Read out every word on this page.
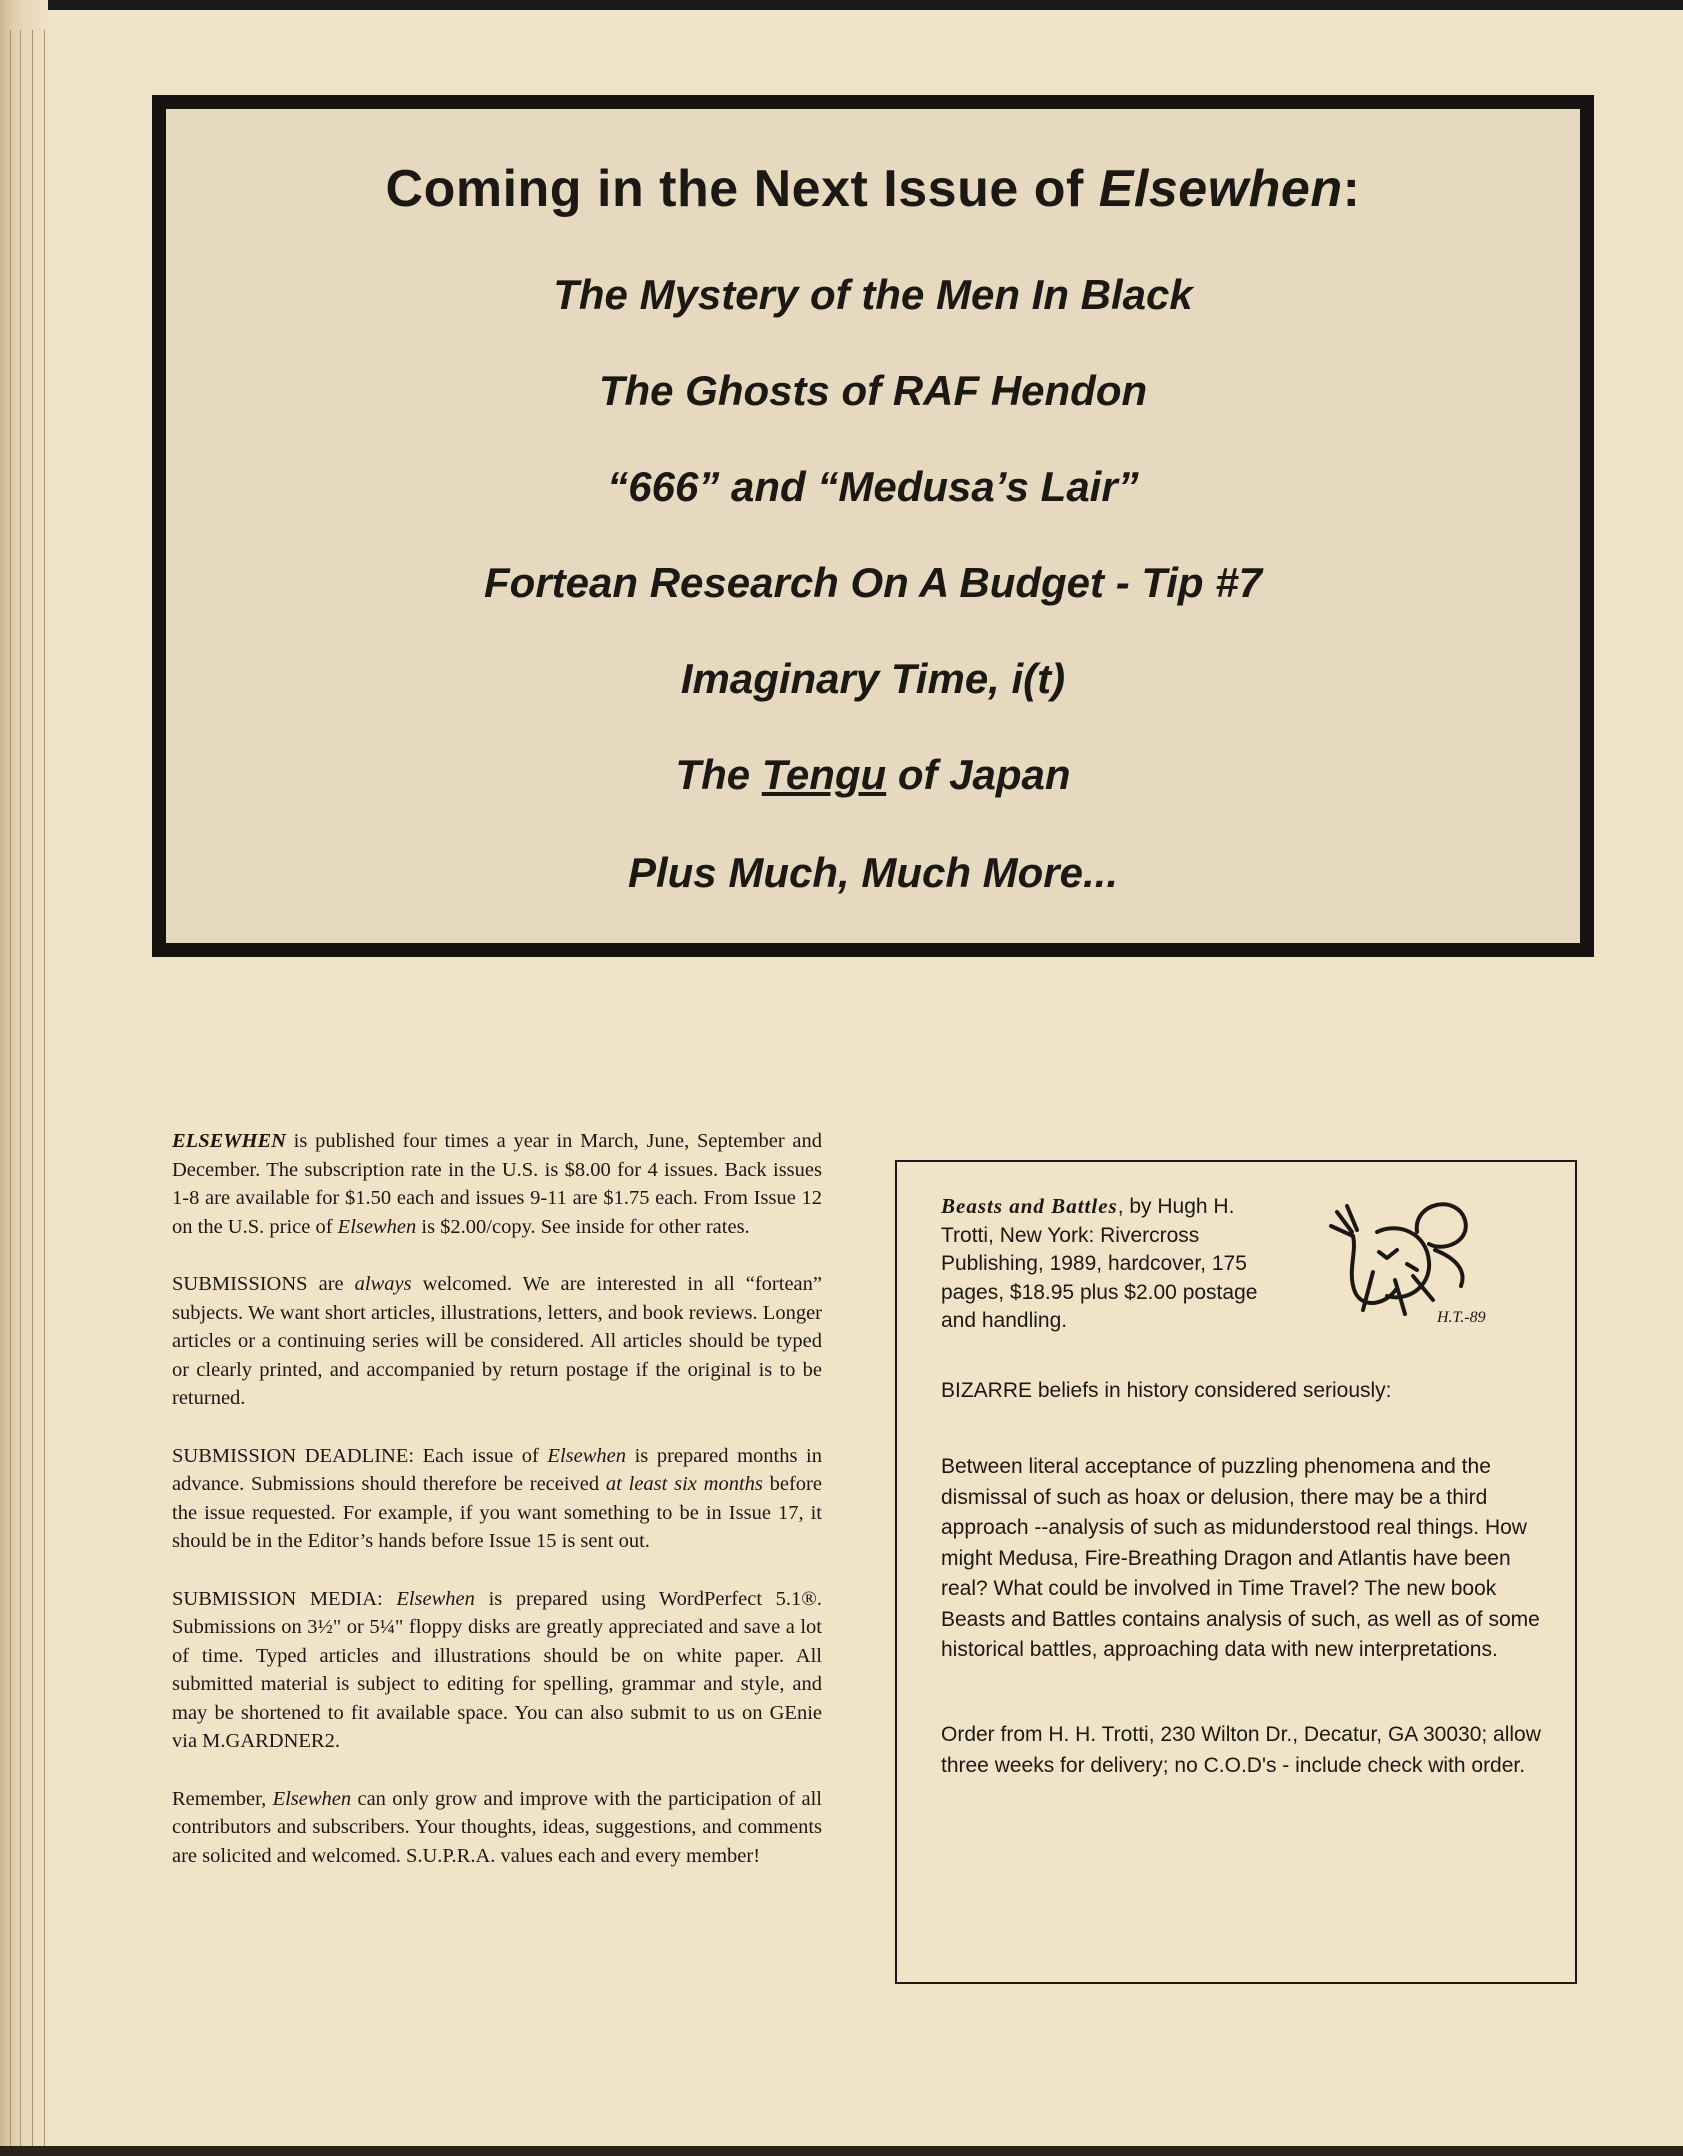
Coming in the Next Issue of Elsewhen:
The Mystery of the Men In Black
The Ghosts of RAF Hendon
“666” and “Medusa’s Lair”
Fortean Research On A Budget - Tip #7
Imaginary Time, i(t)
The Tengu of Japan
Plus Much, Much More...

ELSEWHEN is published four times a year in March, June, September and December. The subscription rate in the U.S. is $8.00 for 4 issues. Back issues 1-8 are available for $1.50 each and issues 9-11 are $1.75 each. From Issue 12 on the U.S. price of Elsewhen is $2.00/copy. See inside for other rates.

SUBMISSIONS are always welcomed. We are interested in all “fortean” subjects. We want short articles, illustrations, letters, and book reviews. Longer articles or a continuing series will be considered. All articles should be typed or clearly printed, and accompanied by return postage if the original is to be returned.

SUBMISSION DEADLINE: Each issue of Elsewhen is prepared months in advance. Submissions should therefore be received at least six months before the issue requested. For example, if you want something to be in Issue 17, it should be in the Editor’s hands before Issue 15 is sent out.

SUBMISSION MEDIA: Elsewhen is prepared using WordPerfect 5.1®. Submissions on 3½" or 5¼" floppy disks are greatly appreciated and save a lot of time. Typed articles and illustrations should be on white paper. All submitted material is subject to editing for spelling, grammar and style, and may be shortened to fit available space. You can also submit to us on GEnie via M.GARDNER2.

Remember, Elsewhen can only grow and improve with the participation of all contributors and subscribers. Your thoughts, ideas, suggestions, and comments are solicited and welcomed. S.U.P.R.A. values each and every member!

Beasts and Battles, by Hugh H. Trotti, New York: Rivercross Publishing, 1989, hardcover, 175 pages, $18.95 plus $2.00 postage and handling.	H.T.-89
BIZARRE beliefs in history considered seriously:
Between literal acceptance of puzzling phenomena and the dismissal of such as hoax or delusion, there may be a third approach --analysis of such as midunderstood real things. How might Medusa, Fire-Breathing Dragon and Atlantis have been real? What could be involved in Time Travel? The new book Beasts and Battles contains analysis of such, as well as of some historical battles, approaching data with new interpretations.
Order from H. H. Trotti, 230 Wilton Dr., Decatur, GA 30030; allow three weeks for delivery; no C.O.D's - include check with order.
